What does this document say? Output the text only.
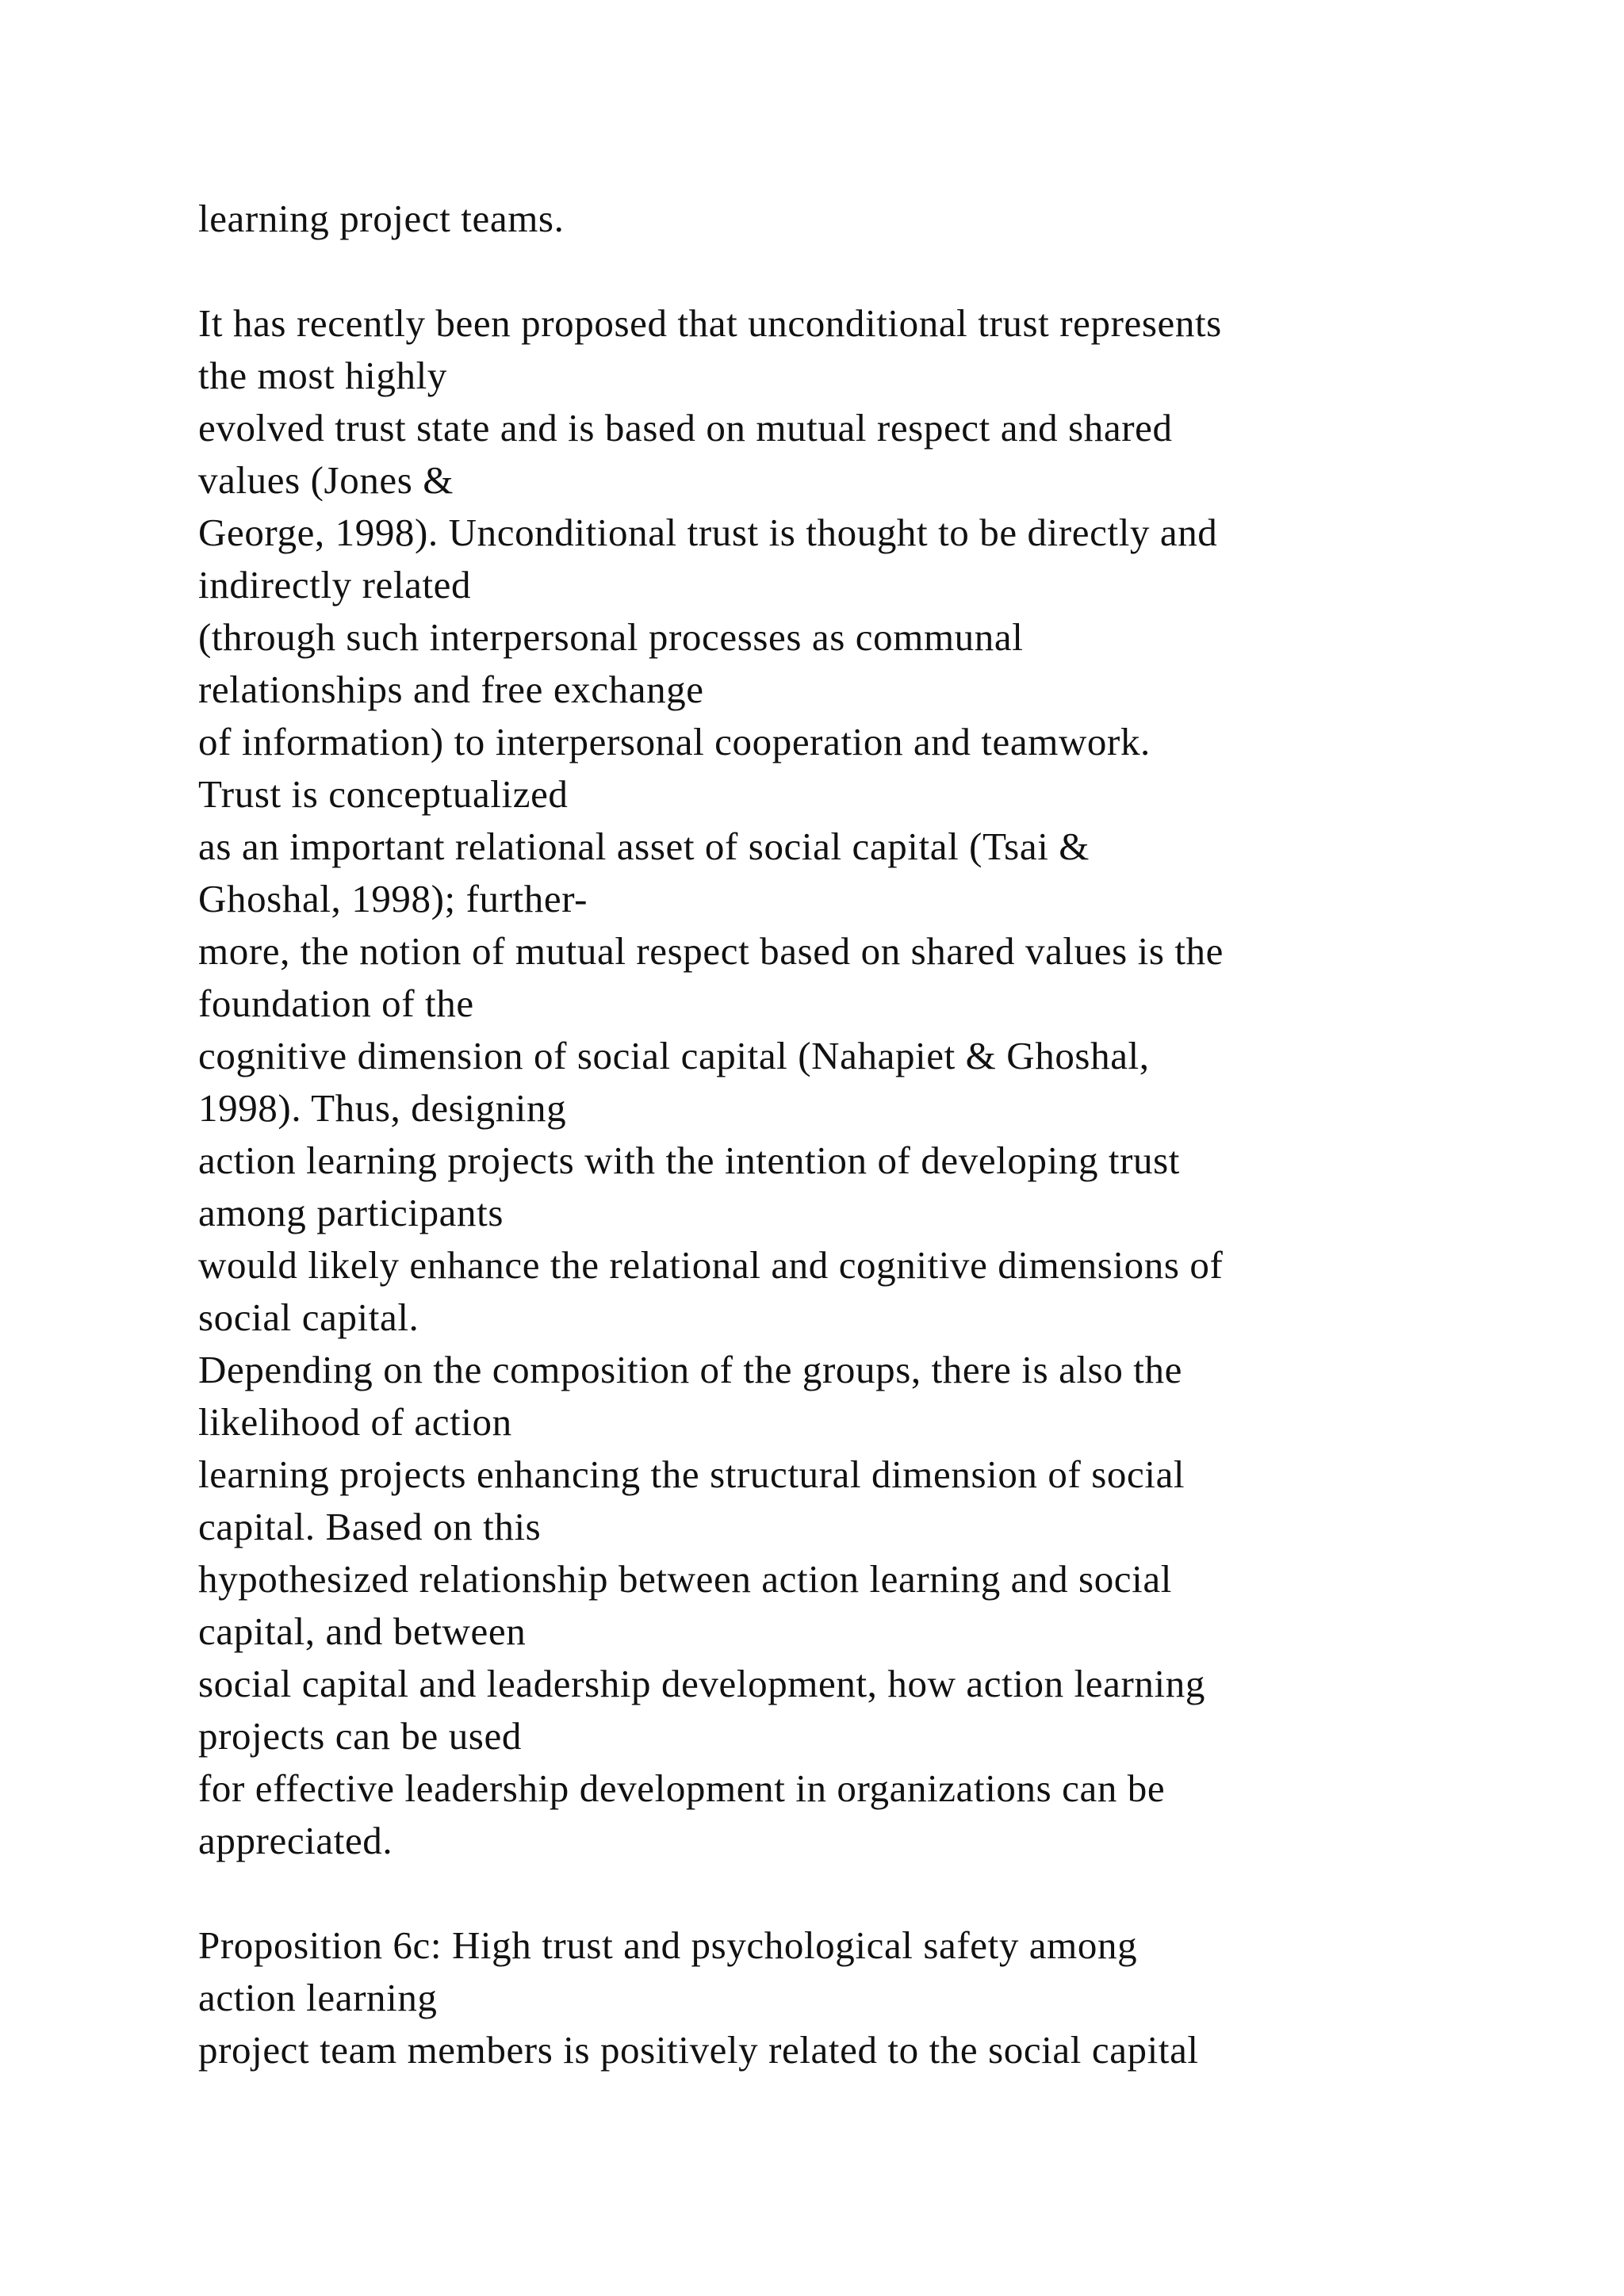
learning project teams.
It has recently been proposed that unconditional trust represents
the most highly
evolved trust state and is based on mutual respect and shared
values (Jones &
George, 1998). Unconditional trust is thought to be directly and
indirectly related
(through such interpersonal processes as communal
relationships and free exchange
of information) to interpersonal cooperation and teamwork.
Trust is conceptualized
as an important relational asset of social capital (Tsai &
Ghoshal, 1998); further-
more, the notion of mutual respect based on shared values is the
foundation of the
cognitive dimension of social capital (Nahapiet & Ghoshal,
1998). Thus, designing
action learning projects with the intention of developing trust
among participants
would likely enhance the relational and cognitive dimensions of
social capital.
Depending on the composition of the groups, there is also the
likelihood of action
learning projects enhancing the structural dimension of social
capital. Based on this
hypothesized relationship between action learning and social
capital, and between
social capital and leadership development, how action learning
projects can be used
for effective leadership development in organizations can be
appreciated.
Proposition 6c: High trust and psychological safety among
action learning
project team members is positively related to the social capital
